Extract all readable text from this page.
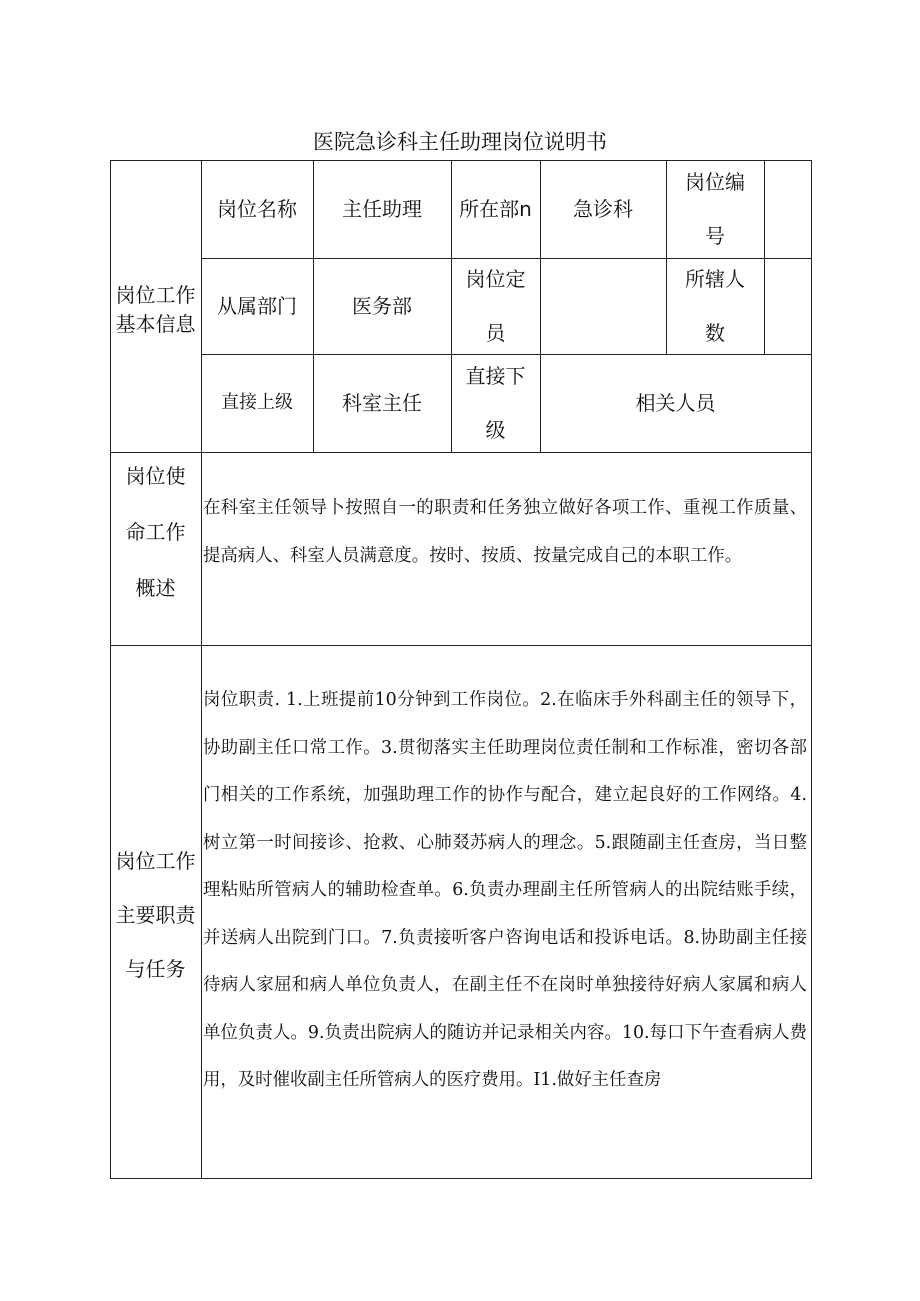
医院急诊科主任助理岗位说明书
岗位工作基本信息
岗位名称 主任助理 所在部n 急诊科
岗位编号
从属部门	医务部
岗位定员
所辖人数
直接上级 科室主任
直接下级
相关人员
岗位使命工作概述
在科室主任领导卜按照自一的职责和任务独立做好各项工作、重视工作质量、提高病人、科室人员满意度。按时、按质、按量完成自己的本职工作。
岗位工作主要职责与任务
岗位职责. 1.上班提前10分钟到工作岗位。2.在临床手外科副主任的领导下，协助副主任口常工作。3.贯彻落实主任助理岗位责任制和工作标准，密切各部门相关的工作系统，加强助理工作的协作与配合，建立起良好的工作网络。4.树立第一时间接诊、抢救、心肺叕苏病人的理念。5.跟随副主任查房，当日整理粘贴所管病人的辅助检查单。6.负责办理副主任所管病人的出院结账手续，并送病人出院到门口。7.负责接听客户咨询电话和投诉电话。8.协助副主任接待病人家屈和病人单位负责人，在副主任不在岗时单独接待好病人家属和病人单位负责人。9.负责出院病人的随访并记录相关内容。10.每口下午查看病人费用，及时催收副主任所管病人的医疗费用。I1.做好主任查房
